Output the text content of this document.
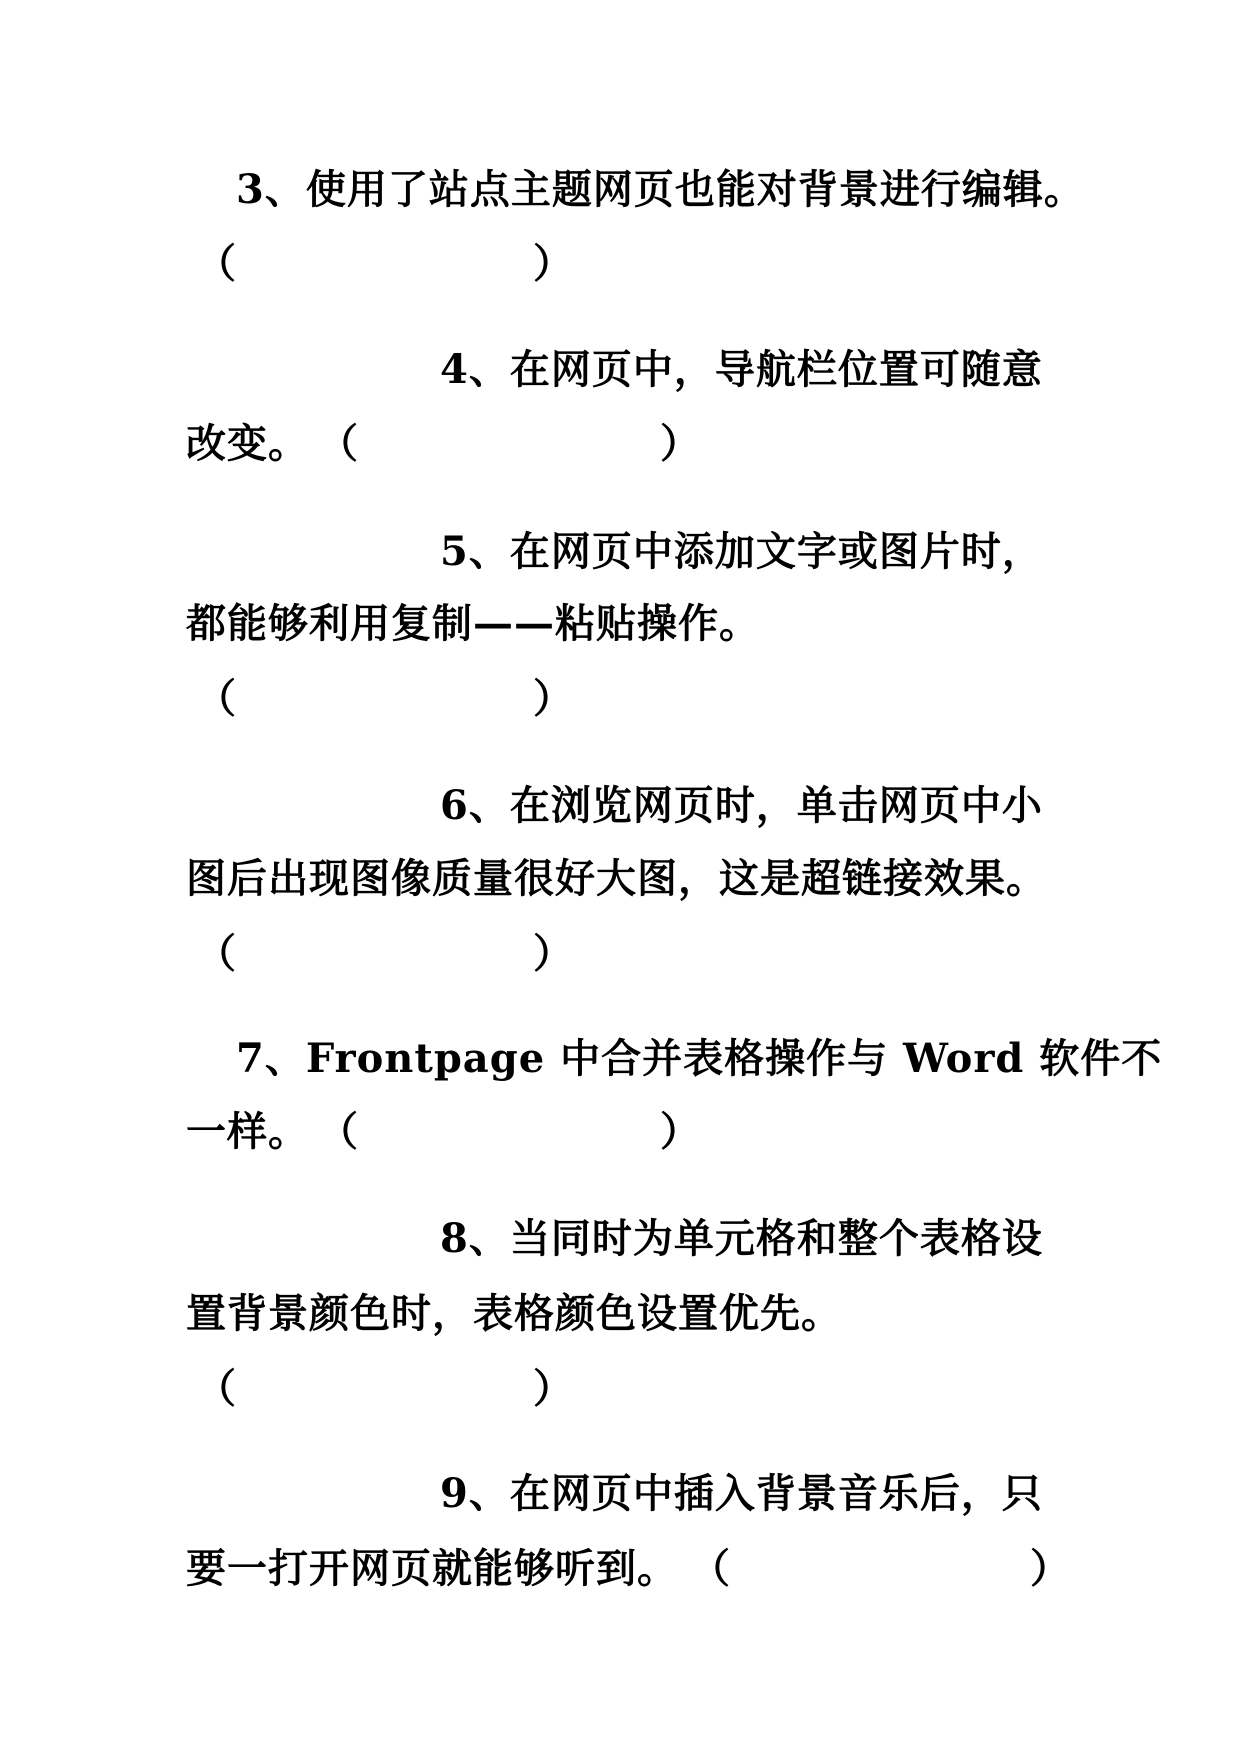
3、使用了站点主题网页也能对背景进行编辑。
（	）
4、在网页中，导航栏位置可随意
改变。 （	）
5、在网页中添加文字或图片时，
都能够利用复制——粘贴操作。
（	）
6、在浏览网页时，单击网页中小
图后出现图像质量很好大图，这是超链接效果。
（	）
7、Frontpage 中合并表格操作与 Word 软件不
一样。 （	）
8、当同时为单元格和整个表格设
置背景颜色时，表格颜色设置优先。
（	）
9、在网页中插入背景音乐后，只
要一打开网页就能够听到。 （	）
